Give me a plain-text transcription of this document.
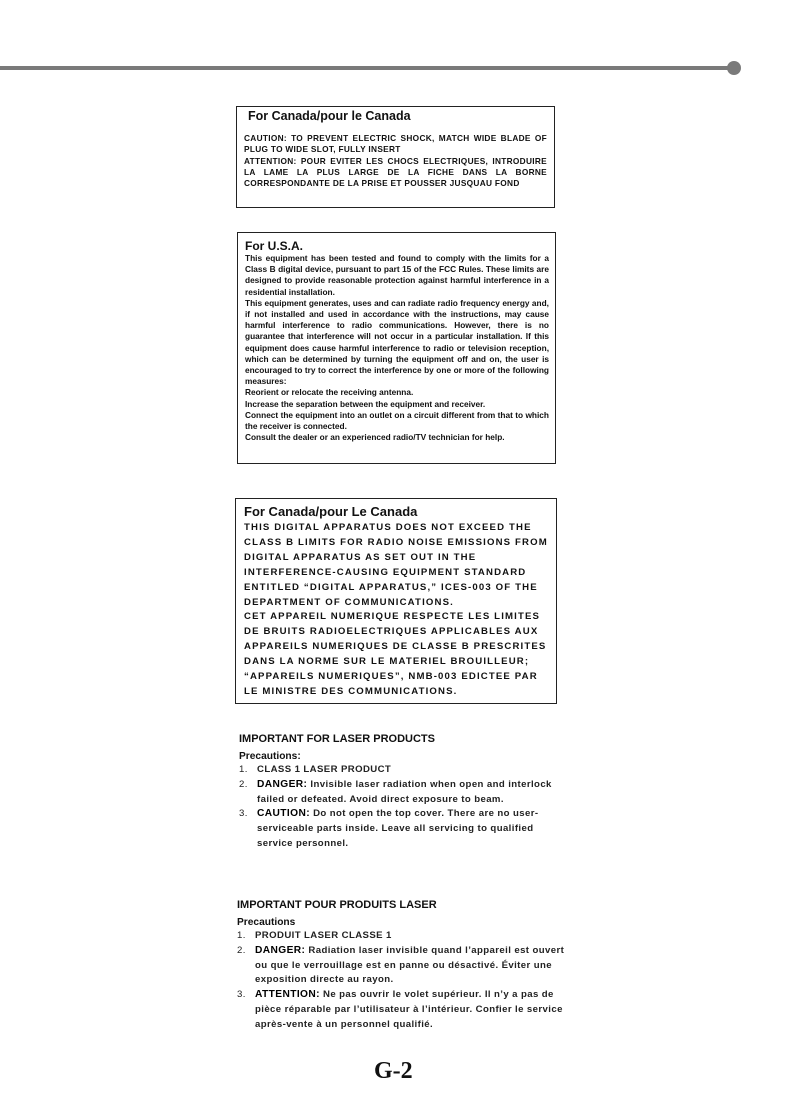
For Canada/pour le Canada

CAUTION: TO PREVENT ELECTRIC SHOCK, MATCH WIDE BLADE OF PLUG TO WIDE SLOT, FULLY INSERT

ATTENTION: POUR EVITER LES CHOCS ELECTRIQUES, INTRODUIRE LA LAME LA PLUS LARGE DE LA FICHE DANS LA BORNE CORRESPONDANTE DE LA PRISE ET POUSSER JUSQUAU FOND

For U.S.A.

This equipment has been tested and found to comply with the limits for a Class B digital device, pursuant to part 15 of the FCC Rules. These limits are designed to provide reasonable protection against harmful interference in a residential installation.

This equipment generates, uses and can radiate radio frequency energy and, if not installed and used in accordance with the instructions, may cause harmful interference to radio communications. However, there is no guarantee that interference will not occur in a particular installation. If this equipment does cause harmful interference to radio or television reception, which can be determined by turning the equipment off and on, the user is encouraged to try to correct the interference by one or more of the following measures:

Reorient or relocate the receiving antenna.

Increase the separation between the equipment and receiver.

Connect the equipment into an outlet on a circuit different from that to which the receiver is connected.

Consult the dealer or an experienced radio/TV technician for help.

For Canada/pour Le Canada

THIS DIGITAL APPARATUS DOES NOT EXCEED THE CLASS B LIMITS FOR RADIO NOISE EMISSIONS FROM DIGITAL APPARATUS AS SET OUT IN THE INTERFERENCE-CAUSING EQUIPMENT STANDARD ENTITLED “DIGITAL APPARATUS,” ICES-003 OF THE DEPARTMENT OF COMMUNICATIONS.

CET APPAREIL NUMERIQUE RESPECTE LES LIMITES DE BRUITS RADIOELECTRIQUES APPLICABLES AUX APPAREILS NUMERIQUES DE CLASSE B PRESCRITES DANS LA NORME SUR LE MATERIEL BROUILLEUR; “APPAREILS NUMERIQUES”, NMB-003 EDICTEE PAR LE MINISTRE DES COMMUNICATIONS.

IMPORTANT FOR LASER PRODUCTS
Precautions:
1. CLASS 1 LASER PRODUCT
2. DANGER: Invisible laser radiation when open and interlock failed or defeated. Avoid direct exposure to beam.
3. CAUTION: Do not open the top cover. There are no user-serviceable parts inside. Leave all servicing to qualified service personnel.
IMPORTANT POUR PRODUITS LASER
Precautions
1. PRODUIT LASER CLASSE 1
2. DANGER: Radiation laser invisible quand l’appareil est ouvert ou que le verrouillage est en panne ou désactivé. Éviter une exposition directe au rayon.
3. ATTENTION: Ne pas ouvrir le volet supérieur. Il n’y a pas de pièce réparable par l’utilisateur à l’intérieur. Confier le service après-vente à un personnel qualifié.
G-2
